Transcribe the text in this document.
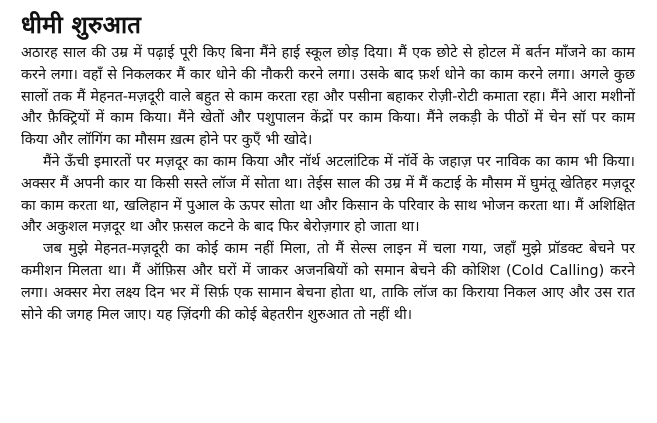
धीमी शुरुआत

अठारह साल की उम्र में पढ़ाई पूरी किए बिना मैंने हाई स्कूल छोड़ दिया। मैं एक छोटे से होटल में बर्तन माँजने का काम करने लगा। वहाँ से निकलकर मैं कार धोने की नौकरी करने लगा। उसके बाद फ़र्श धोने का काम करने लगा। अगले कुछ सालों तक मैं मेहनत-मज़दूरी वाले बहुत से काम करता रहा और पसीना बहाकर रोज़ी-रोटी कमाता रहा। मैंने आरा मशीनों और फ़ैक्ट्रियों में काम किया। मैंने खेतों और पशुपालन केंद्रों पर काम किया। मैंने लकड़ी के पीठों में चेन सॉ पर काम किया और लॉगिंग का मौसम ख़त्म होने पर कुएँ भी खोदे।

मैंने ऊँची इमारतों पर मज़दूर का काम किया और नॉर्थ अटलांटिक में नॉर्वे के जहाज़ पर नाविक का काम भी किया। अक्सर मैं अपनी कार या किसी सस्ते लॉज में सोता था। तेईस साल की उम्र में मैं कटाई के मौसम में घुमंतू खेतिहर मज़दूर का काम करता था, खलिहान में पुआल के ऊपर सोता था और किसान के परिवार के साथ भोजन करता था। मैं अशिक्षित और अकुशल मज़दूर था और फ़सल कटने के बाद फिर बेरोज़गार हो जाता था।

जब मुझे मेहनत-मज़दूरी का कोई काम नहीं मिला, तो मैं सेल्स लाइन में चला गया, जहाँ मुझे प्रॉडक्ट बेचने पर कमीशन मिलता था। मैं ऑफ़िस और घरों में जाकर अजनबियों को समान बेचने की कोशिश (Cold Calling) करने लगा। अक्सर मेरा लक्ष्य दिन भर में सिर्फ़ एक सामान बेचना होता था, ताकि लॉज का किराया निकल आए और उस रात सोने की जगह मिल जाए। यह ज़िंदगी की कोई बेहतरीन शुरुआत तो नहीं थी।
